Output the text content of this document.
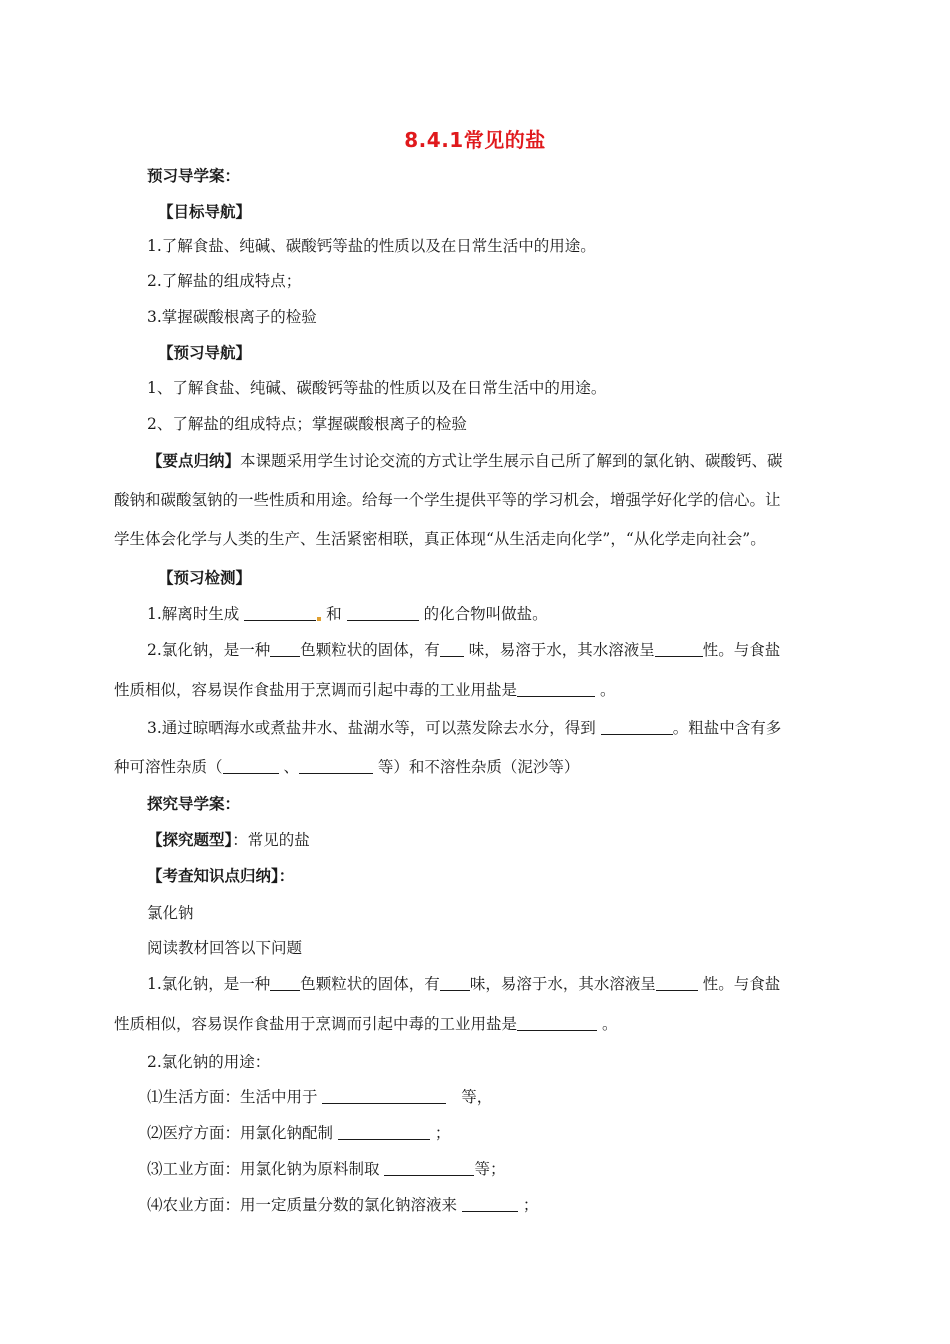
8.4.1常见的盐
预习导学案：
【目标导航】
1.了解食盐、纯碱、碳酸钙等盐的性质以及在日常生活中的用途。
2.了解盐的组成特点；
3.掌握碳酸根离子的检验
【预习导航】
1、了解食盐、纯碱、碳酸钙等盐的性质以及在日常生活中的用途。
2、了解盐的组成特点；掌握碳酸根离子的检验
【要点归纳】本课题采用学生讨论交流的方式让学生展示自己所了解到的氯化钠、碳酸钙、碳
酸钠和碳酸氢钠的一些性质和用途。给每一个学生提供平等的学习机会，增强学好化学的信心。让
学生体会化学与人类的生产、生活紧密相联，真正体现“从生活走向化学”，“从化学走向社会”。
【预习检测】
1.解离时生成	和	的化合物叫做盐。
2.氯化钠，是一种 色颗粒状的固体，有 味，易溶于水，其水溶液呈	性。与食盐
性质相似，容易误作食盐用于烹调而引起中毒的工业用盐是	。
3.通过晾晒海水或煮盐井水、盐湖水等，可以蒸发除去水分，得到	。粗盐中含有多
种可溶性杂质（	、	等）和不溶性杂质（泥沙等）
探究导学案：
【探究题型】：常见的盐
【考查知识点归纳】：
氯化钠
阅读教材回答以下问题
1.氯化钠，是一种 色颗粒状的固体，有 味，易溶于水，其水溶液呈	性。与食盐
性质相似，容易误作食盐用于烹调而引起中毒的工业用盐是	。
2.氯化钠的用途：
⑴生活方面：生活中用于	等，
⑵医疗方面：用氯化钠配制	；
⑶工业方面：用氯化钠为原料制取	等；
⑷农业方面：用一定质量分数的氯化钠溶液来	；
